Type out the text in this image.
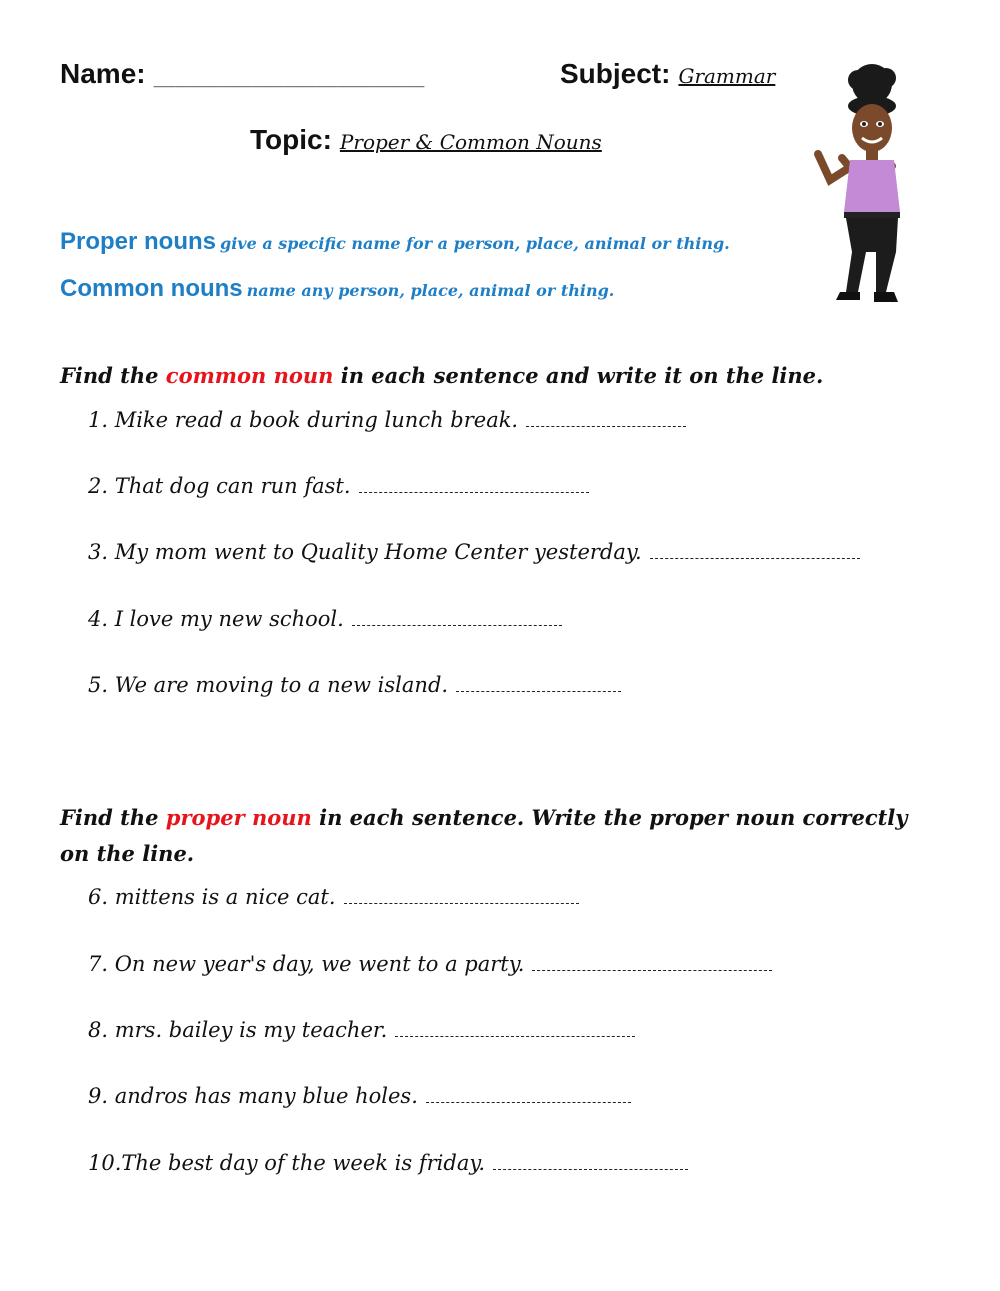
Name: _________________________	Subject: Grammar
Topic: Proper & Common Nouns
Proper nouns give a specific name for a person, place, animal or thing.
Common nouns name any person, place, animal or thing.
Find the common noun in each sentence and write it on the line.
1. Mike read a book during lunch break.
2. That dog can run fast.
3. My mom went to Quality Home Center yesterday.
4. I love my new school.
5. We are moving to a new island.
Find the proper noun in each sentence. Write the proper noun correctly
on the line.
6. mittens is a nice cat.
7. On new year's day, we went to a party.
8. mrs. bailey is my teacher.
9. andros has many blue holes.
10.The best day of the week is friday.
